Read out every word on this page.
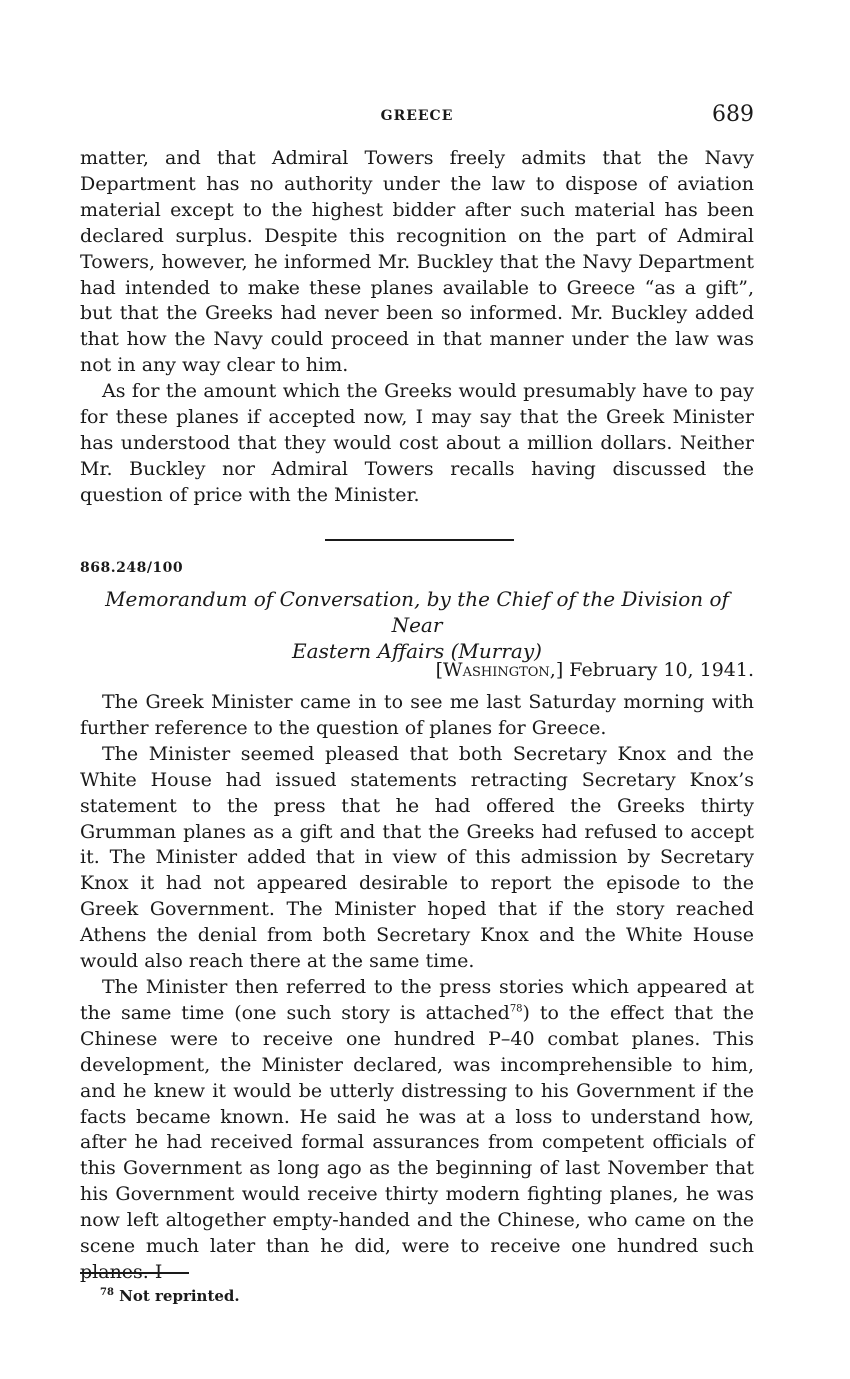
GREECE	689

matter, and that Admiral Towers freely admits that the Navy Department has no authority under the law to dispose of aviation material except to the highest bidder after such material has been declared surplus. Despite this recognition on the part of Admiral Towers, however, he informed Mr. Buckley that the Navy Department had intended to make these planes available to Greece “as a gift”, but that the Greeks had never been so informed. Mr. Buckley added that how the Navy could proceed in that manner under the law was not in any way clear to him.

As for the amount which the Greeks would presumably have to pay for these planes if accepted now, I may say that the Greek Minister has understood that they would cost about a million dollars. Neither Mr. Buckley nor Admiral Towers recalls having discussed the question of price with the Minister.

868.248/100

Memorandum of Conversation, by the Chief of the Division of Near

Eastern Affairs (Murray)

[Washington,] February 10, 1941.

The Greek Minister came in to see me last Saturday morning with further reference to the question of planes for Greece.

The Minister seemed pleased that both Secretary Knox and the White House had issued statements retracting Secretary Knox’s statement to the press that he had offered the Greeks thirty Grumman planes as a gift and that the Greeks had refused to accept it. The Minister added that in view of this admission by Secretary Knox it had not appeared desirable to report the episode to the Greek Government. The Minister hoped that if the story reached Athens the denial from both Secretary Knox and the White House would also reach there at the same time.

The Minister then referred to the press stories which appeared at the same time (one such story is attached$^{78}$) to the effect that the Chinese were to receive one hundred P–40 combat planes. This development, the Minister declared, was incomprehensible to him, and he knew it would be utterly distressing to his Government if the facts became known. He said he was at a loss to understand how, after he had received formal assurances from competent officials of this Government as long ago as the beginning of last November that his Government would receive thirty modern fighting planes, he was now left altogether empty-handed and the Chinese, who came on the scene much later than he did, were to receive one hundred such planes. I

$^{78}$ Not reprinted.
